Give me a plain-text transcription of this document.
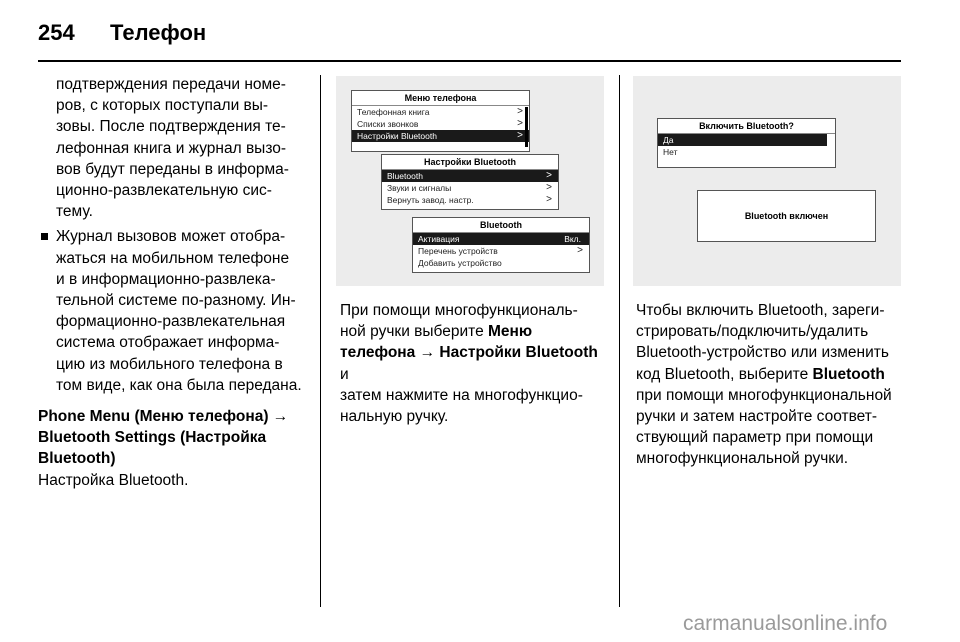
254	Телефон

подтверждения передачи номе-

ров, с которых поступали вы-

зовы. После подтверждения те-

лефонная книга и журнал вызо-

вов будут переданы в информа-

ционно-развлекательную сис-

тему.

Журнал вызовов может отобра-

жаться на мобильном телефоне

и в информационно-развлека-

тельной системе по-разному. Ин-

формационно-развлекательная

система отображает информа-

цию из мобильного телефона в

том виде, как она была передана.

Phone Menu (Меню телефона) →

Bluetooth Settings (Настройка

Bluetooth)

Настройка Bluetooth.

Меню телефона
Телефонная книга	>
Списки звонков	>
Настройки Bluetooth	>
Настройки Bluetooth
Bluetooth	>
Звуки и сигналы	>
Вернуть завод. настр.	>
Bluetooth
Активация	Вкл.
Перечень устройств	>
Добавить устройство
Включить Bluetooth?
Да
Нет
Bluetooth включен

При помощи многофункциональ-

ной ручки выберите Меню

телефона → Настройки Bluetooth и

затем нажмите на многофункцио-

нальную ручку.

Чтобы включить Bluetooth, зареги-

стрировать/подключить/удалить

Bluetooth-устройство или изменить

код Bluetooth, выберите Bluetooth

при помощи многофункциональной

ручки и затем настройте соответ-

ствующий параметр при помощи

многофункциональной ручки.

carmanualsonline.info
